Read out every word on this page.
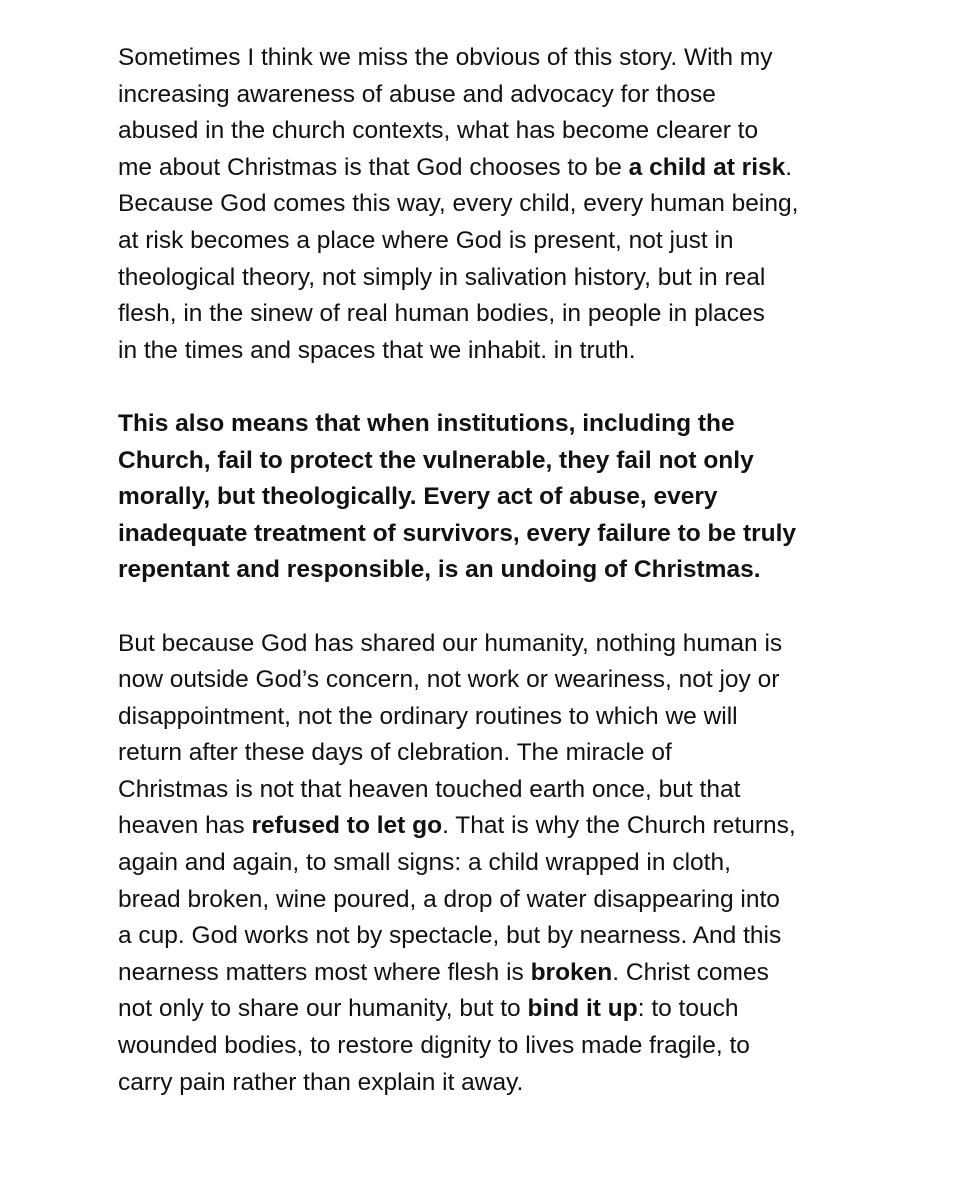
Sometimes I think we miss the obvious of this story. With my
increasing awareness of abuse and advocacy for those
abused in the church contexts, what has become clearer to
me about Christmas is that God chooses to be a child at risk.
Because God comes this way, every child, every human being,
at risk becomes a place where God is present, not just in
theological theory, not simply in salivation history, but in real
flesh, in the sinew of real human bodies, in people in places
in the times and spaces that we inhabit. in truth.

This also means that when institutions, including the
Church, fail to protect the vulnerable, they fail not only
morally, but theologically. Every act of abuse, every
inadequate treatment of survivors, every failure to be truly
repentant and responsible, is an undoing of Christmas.

But because God has shared our humanity, nothing human is
now outside God’s concern, not work or weariness, not joy or
disappointment, not the ordinary routines to which we will
return after these days of clebration. The miracle of
Christmas is not that heaven touched earth once, but that
heaven has refused to let go. That is why the Church returns,
again and again, to small signs: a child wrapped in cloth,
bread broken, wine poured, a drop of water disappearing into
a cup. God works not by spectacle, but by nearness. And this
nearness matters most where flesh is broken. Christ comes
not only to share our humanity, but to bind it up: to touch
wounded bodies, to restore dignity to lives made fragile, to
carry pain rather than explain it away.
